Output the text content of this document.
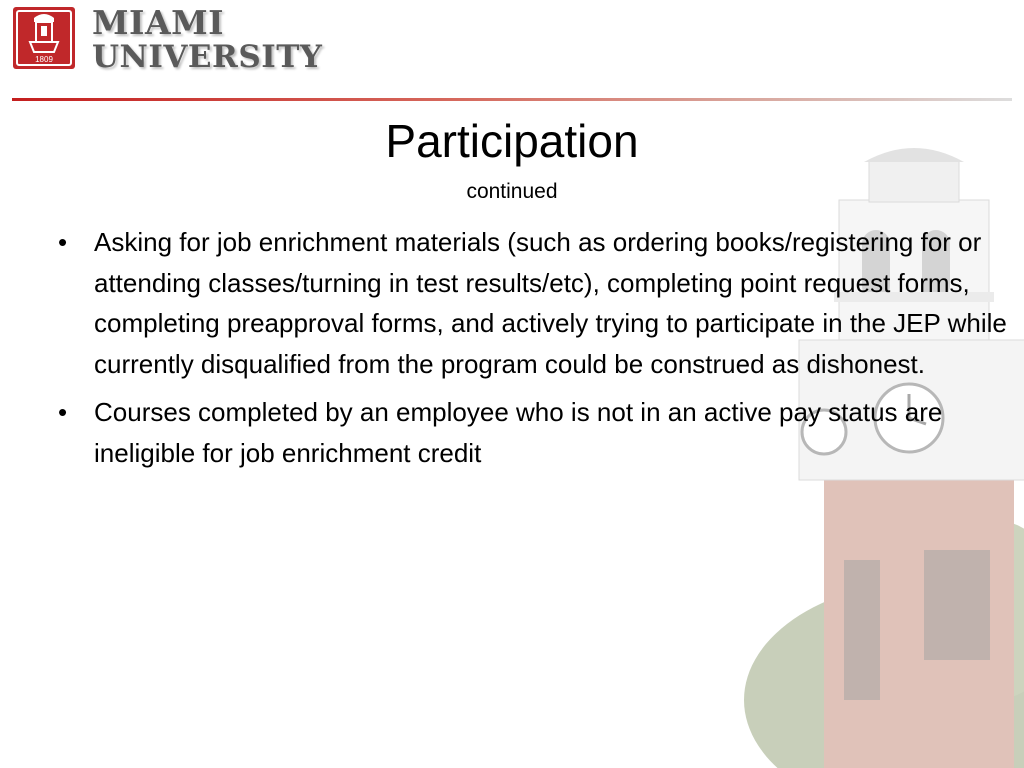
1809
MIAMI
UNIVERSITY
Participation
continued
• Asking for job enrichment materials (such as ordering books/registering for or attending classes/turning in test results/etc), completing point request forms, completing preapproval forms, and actively trying to participate in the JEP while currently disqualified from the program could be construed as dishonest.
• Courses completed by an employee who is not in an active pay status are ineligible for job enrichment credit
